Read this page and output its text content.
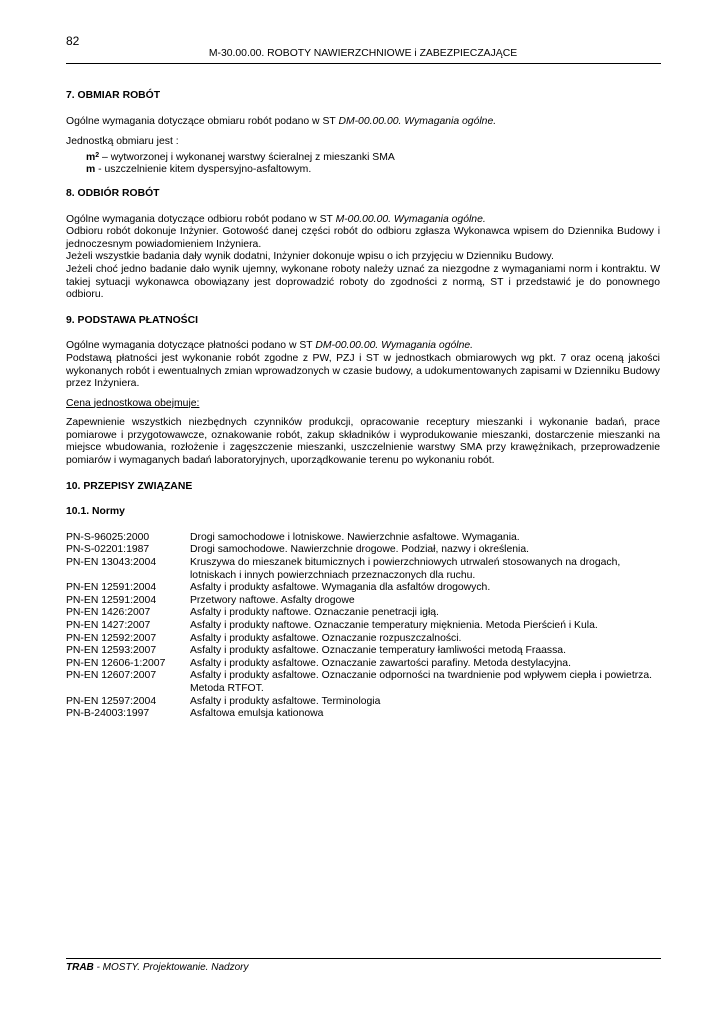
82
M-30.00.00. ROBOTY NAWIERZCHNIOWE i ZABEZPIECZAJĄCE
7. OBMIAR ROBÓT

Ogólne wymagania dotyczące obmiaru robót podano w ST DM-00.00.00. Wymagania ogólne.

Jednostką obmiaru jest :

$m^2$ – wytworzonej i wykonanej warstwy ścieralnej z mieszanki SMA

m - uszczelnienie kitem dyspersyjno-asfaltowym.

8. ODBIÓR ROBÓT

Ogólne wymagania dotyczące odbioru robót podano w ST M-00.00.00. Wymagania ogólne.

Odbioru robót dokonuje Inżynier. Gotowość danej części robót do odbioru zgłasza Wykonawca wpisem do Dziennika Budowy i jednoczesnym powiadomieniem Inżyniera.

Jeżeli wszystkie badania dały wynik dodatni, Inżynier dokonuje wpisu o ich przyjęciu w Dzienniku Budowy.

Jeżeli choć jedno badanie dało wynik ujemny, wykonane roboty należy uznać za niezgodne z wymaganiami norm i kontraktu. W takiej sytuacji wykonawca obowiązany jest doprowadzić roboty do zgodności z normą, ST i przedstawić je do ponownego odbioru.

9. PODSTAWA PŁATNOŚCI

Ogólne wymagania dotyczące płatności podano w ST DM-00.00.00. Wymagania ogólne.

Podstawą płatności jest wykonanie robót zgodne z PW, PZJ i ST w jednostkach obmiarowych wg pkt. 7 oraz oceną jakości wykonanych robót i ewentualnych zmian wprowadzonych w czasie budowy, a udokumentowanych zapisami w Dzienniku Budowy przez Inżyniera.

Cena jednostkowa obejmuje:

Zapewnienie wszystkich niezbędnych czynników produkcji, opracowanie receptury mieszanki i wykonanie badań, prace pomiarowe i przygotowawcze, oznakowanie robót, zakup składników i wyprodukowanie mieszanki, dostarczenie mieszanki na miejsce wbudowania, rozłożenie i zagęszczenie mieszanki, uszczelnienie warstwy SMA przy krawężnikach, przeprowadzenie pomiarów i wymaganych badań laboratoryjnych, uporządkowanie terenu po wykonaniu robót.

10. PRZEPISY ZWIĄZANE
10.1. Normy
PN-S-96025:2000	Drogi samochodowe i lotniskowe. Nawierzchnie asfaltowe. Wymagania.
PN-S-02201:1987	Drogi samochodowe. Nawierzchnie drogowe. Podział, nazwy i określenia.
PN-EN 13043:2004	Kruszywa do mieszanek bitumicznych i powierzchniowych utrwaleń stosowanych na drogach, lotniskach i innych powierzchniach przeznaczonych dla ruchu.
PN-EN 12591:2004	Asfalty i produkty asfaltowe. Wymagania dla asfaltów drogowych.
PN-EN 12591:2004	Przetwory naftowe. Asfalty drogowe
PN-EN 1426:2007	Asfalty i produkty naftowe. Oznaczanie penetracji igłą.
PN-EN 1427:2007	Asfalty i produkty naftowe. Oznaczanie temperatury mięknienia. Metoda Pierścień i Kula.
PN-EN 12592:2007	Asfalty i produkty asfaltowe. Oznaczanie rozpuszczalności.
PN-EN 12593:2007	Asfalty i produkty asfaltowe. Oznaczanie temperatury łamliwości metodą Fraassa.
PN-EN 12606-1:2007	Asfalty i produkty asfaltowe. Oznaczanie zawartości parafiny. Metoda destylacyjna.
PN-EN 12607:2007	Asfalty i produkty asfaltowe. Oznaczanie odporności na twardnienie pod wpływem ciepła i powietrza. Metoda RTFOT.
PN-EN 12597:2004	Asfalty i produkty asfaltowe. Terminologia
PN-B-24003:1997	Asfaltowa emulsja kationowa
TRAB - MOSTY. Projektowanie. Nadzory
